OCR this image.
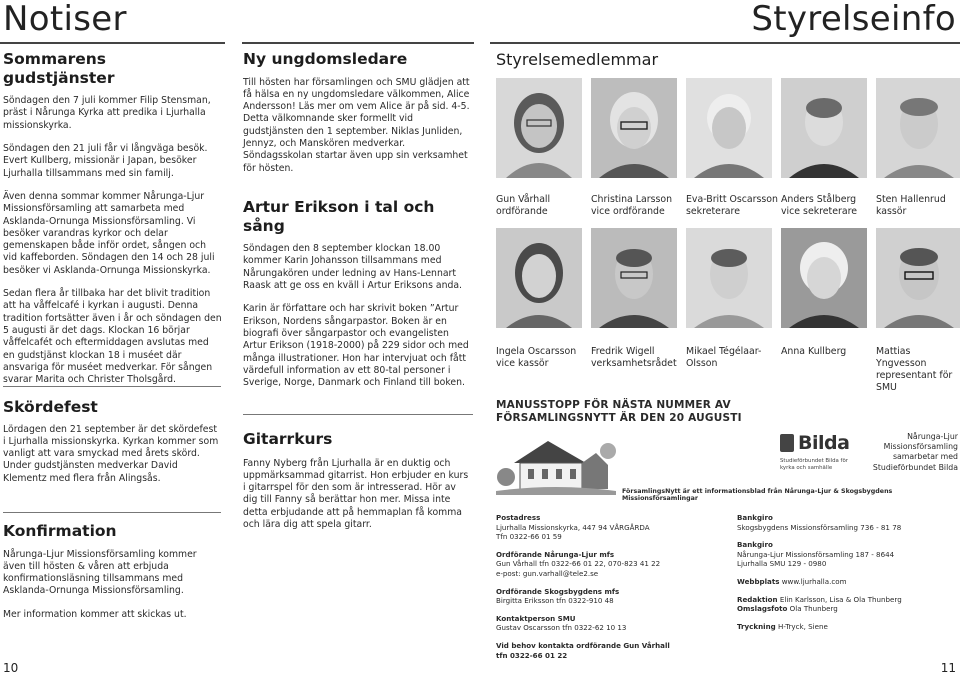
Notiser	Styrelseinfo
Sommarens gudstjänster

Söndagen den 7 juli kommer Filip Stensman, präst i Nårunga Kyrka att predika i Ljurhalla missionskyrka.

Söndagen den 21 juli får vi långväga besök. Evert Kullberg, missionär i Japan, besöker Ljurhalla tillsammans med sin familj.

Även denna sommar kommer Nårunga-Ljur Missionsförsamling att samarbeta med Asklanda-Ornunga Missionsförsamling. Vi besöker varandras kyrkor och delar gemenskapen både inför ordet, sången och vid kaffeborden. Söndagen den 14 och 28 juli besöker vi Asklanda-Ornunga Missionskyrka.

Sedan flera år tillbaka har det blivit tradition att ha våffelcafé i kyrkan i augusti. Denna tradition fortsätter även i år och söndagen den 5 augusti är det dags. Klockan 16 börjar våffelcafét och eftermiddagen avslutas med en gudstjänst klockan 18 i muséet där ansvariga för muséet medverkar. För sången svarar Marita och Christer Tholsgård.

Skördefest
Lördagen den 21 september är det skördefest i Ljurhalla missionskyrka. Kyrkan kommer som vanligt att vara smyckad med årets skörd. Under gudstjänsten medverkar David Klementz med flera från Alingsås.
Konfirmation

Nårunga-Ljur Missionsförsamling kommer även till hösten & våren att erbjuda konfirmationsläsning tillsammans med Asklanda-Ornunga Missionsförsamling.

Mer information kommer att skickas ut.

10
Ny ungdomsledare
Till hösten har församlingen och SMU glädjen att få hälsa en ny ungdomsledare välkommen, Alice Andersson! Läs mer om vem Alice är på sid. 4-5. Detta välkomnande sker formellt vid gudstjänsten den 1 september. Niklas Junliden, Jennyz, och Manskören medverkar. Söndagsskolan startar även upp sin verksamhet för hösten.
Artur Erikson i tal och sång

Söndagen den 8 september klockan 18.00 kommer Karin Johansson tillsammans med Nårungakören under ledning av Hans-Lennart Raask att ge oss en kväll i Artur Eriksons anda.

Karin är författare och har skrivit boken ”Artur Erikson, Nordens sångarpastor. Boken är en biografi över sångarpastor och evangelisten Artur Erikson (1918-2000) på 229 sidor och med många illustrationer. Hon har intervjuat och fått värdefull information av ett 80-tal personer i Sverige, Norge, Danmark och Finland till boken.

Gitarrkurs
Fanny Nyberg från Ljurhalla är en duktig och uppmärksammad gitarrist. Hon erbjuder en kurs i gitarrspel för den som är intresserad. Hör av dig till Fanny så berättar hon mer. Missa inte detta erbjudande att på hemmaplan få komma och lära dig att spela gitarr.
Styrelsemedlemmar
Gun Vårhall
ordförande
Christina Larsson
vice ordförande
Eva-Britt Oscarsson
sekreterare
Anders Stålberg
vice sekreterare
Sten Hallenrud
kassör
Ingela Oscarsson
vice kassör
Fredrik Wigell
verksamhetsrådet
Mikael Tégélaar-
Olsson
Anna Kullberg	Mattias Yngvesson
representant för SMU
MANUSSTOPP FÖR NÄSTA NUMMER AV
FÖRSAMLINGSNYTT ÄR DEN 20 AUGUSTI
Bilda
Studieförbundet Bilda för kyrka och samhälle
Nårunga-Ljur Missionsförsamling samarbetar med Studieförbundet Bilda
FörsamlingsNytt är ett informationsblad från Nårunga-Ljur & Skogsbygdens Missionsförsamlingar

Postadress
Ljurhalla Missionskyrka, 447 94 VÅRGÅRDA
Tfn 0322-66 01 59

Ordförande Nårunga-Ljur mfs
Gun Vårhall tfn 0322-66 01 22, 070-823 41 22
e-post: gun.varhall@tele2.se

Ordförande Skogsbygdens mfs
Birgitta Eriksson tfn 0322-910 48

Kontaktperson SMU
Gustav Oscarsson tfn 0322-62 10 13

Vid behov kontakta ordförande Gun Vårhall
tfn 0322-66 01 22

Bankgiro
Skogsbygdens Missionsförsamling 736 - 81 78

Bankgiro
Nårunga-Ljur Missionsförsamling 187 - 8644
Ljurhalla SMU 129 - 0980

Webbplats www.ljurhalla.com

Redaktion Elin Karlsson, Lisa & Ola Thunberg
Omslagsfoto Ola Thunberg

Tryckning H-Tryck, Siene

11
